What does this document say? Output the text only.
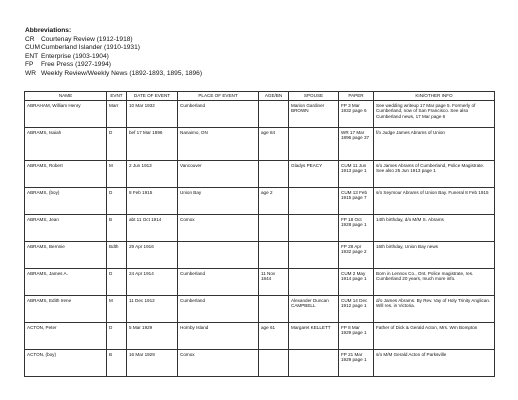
Abbreviations:
CR Courtenay Review (1912-1918)
CUM Cumberland Islander (1910-1931)
ENT Enterprise (1903-1904)
FP	Free Press (1927-1994)
WR Weekly Review/Weekly News (1892-1893, 1895, 1896)
NAME	EVNT	DATE OF EVENT	PLACE OF EVENT	AGE/BN	SPOUSE	PAPER	KIN/OTHER INFO
ABRAHAM, William Henry	Marr	10 Mar 1932	Cumberland		Marion Gardiner BROWN	FP 3 Mar 1932 page 6	See wedding writeup 17 Mar page 5. Formerly of Cumberland, now of San Francisco. See also Cumberland news, 17 Mar page 6
ABRAMS, Isaiah	D	bef 17 Mar 1896	Nanaimo, ON	age 84		WR 17 Mar 1896 page 37	f/o Judge James Abrams of Union
ABRAMS, Robert	M	2 Jun 1913	Vancouver		Gladys PEACY	CUM 11 Jun 1913 page 1	s/o James Abrams of Cumberland, Police Magistrate. See also 25 Jun 1913 page 1
ABRAMS, (boy)	D	8 Feb 1915	Union Bay	age 2		CUM 13 Feb 1915 page 7	s/o Seymour Abrams of Union Bay. Funeral 8 Feb 1915
ABRAMS, Jean	B	abt 11 Oct 1914	Comox			FP 18 Oct 1928 page 1	14th birthday, d/o M/M S. Abrams
ABRAMS, Bernnie	Bdth	29 Apr 1916				FP 28 Apr 1932 page 2	16th birthday, Union Bay news
ABRAMS, James A.	D	24 Apr 1914	Cumberland	11 Nov 1844		CUM 2 May 1914 page 1	Born in Lennox Co., Ont. Police magistrate, res. Cumberland 20 years, much more info.
ABRAMS, Edith Irene	M	11 Dec 1912	Cumberland		Alexander Duncan CAMPBELL	CUM 14 Dec 1912 page 1	d/o James Abrams. By Rev. Vay of Holy Trinity Anglican. Will res. in Victoria.
ACTON, Peter	D	5 Mar 1929	Hornby Island	age 61	Margaret KELLETT	FP 8 Mar 1929 page 1	Father of Dick & Gerald Acton, Mrs. Wm Bompton
ACTON, (boy)	B	16 Mar 1929	Comox			FP 21 Mar 1929 page 1	s/o M/M Gerald Acton of Parksville
